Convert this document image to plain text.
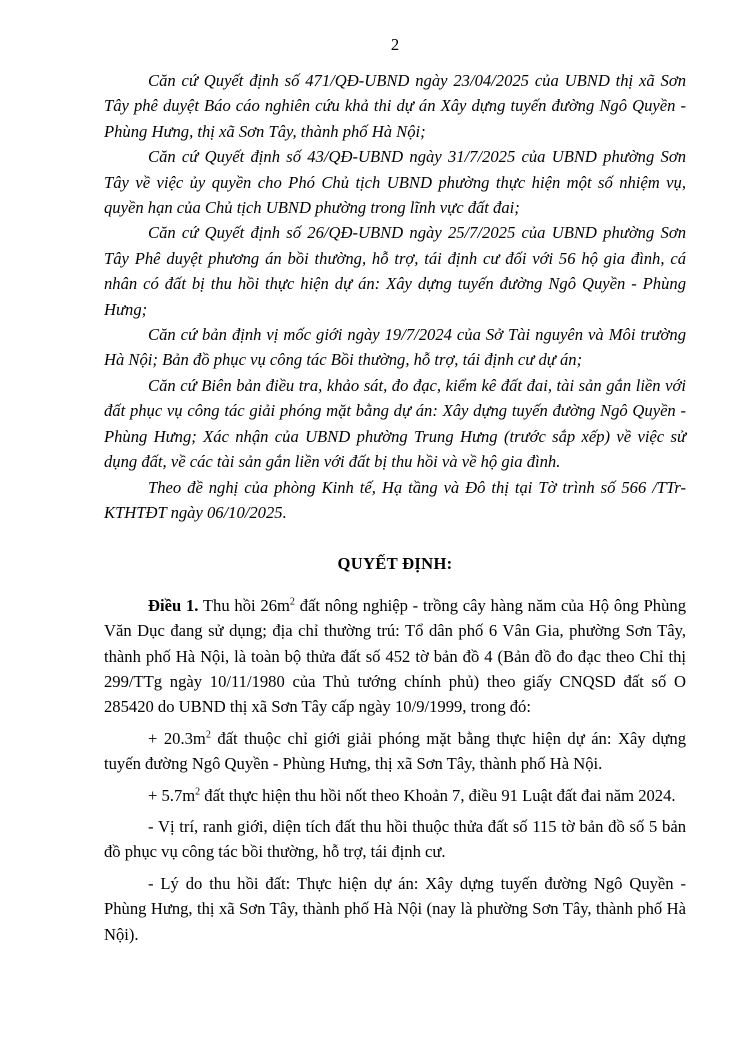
2

Căn cứ Quyết định số 471/QĐ-UBND ngày 23/04/2025 của UBND thị xã Sơn Tây phê duyệt Báo cáo nghiên cứu khả thi dự án Xây dựng tuyến đường Ngô Quyền - Phùng Hưng, thị xã Sơn Tây, thành phố Hà Nội;

Căn cứ Quyết định số 43/QĐ-UBND ngày 31/7/2025 của UBND phường Sơn Tây về việc ủy quyền cho Phó Chủ tịch UBND phường thực hiện một số nhiệm vụ, quyền hạn của Chủ tịch UBND phường trong lĩnh vực đất đai;

Căn cứ Quyết định số 26/QĐ-UBND ngày 25/7/2025 của UBND phường Sơn Tây Phê duyệt phương án bồi thường, hỗ trợ, tái định cư đối với 56 hộ gia đình, cá nhân có đất bị thu hồi thực hiện dự án: Xây dựng tuyến đường Ngô Quyền - Phùng Hưng;

Căn cứ bản định vị mốc giới ngày 19/7/2024 của Sở Tài nguyên và Môi trường Hà Nội; Bản đồ phục vụ công tác Bồi thường, hỗ trợ, tái định cư dự án;

Căn cứ Biên bản điều tra, khảo sát, đo đạc, kiểm kê đất đai, tài sản gắn liền với đất phục vụ công tác giải phóng mặt bằng dự án: Xây dựng tuyến đường Ngô Quyền - Phùng Hưng; Xác nhận của UBND phường Trung Hưng (trước sắp xếp) về việc sử dụng đất, về các tài sản gắn liền với đất bị thu hồi và về hộ gia đình.

Theo đề nghị của phòng Kinh tế, Hạ tầng và Đô thị tại Tờ trình số 566 /TTr-KTHTĐT ngày 06/10/2025.

QUYẾT ĐỊNH:

Điều 1. Thu hồi $26m^2$ đất nông nghiệp - trồng cây hàng năm của Hộ ông Phùng Văn Dục đang sử dụng; địa chỉ thường trú: Tổ dân phố 6 Vân Gia, phường Sơn Tây, thành phố Hà Nội, là toàn bộ thửa đất số 452 tờ bản đồ 4 (Bản đồ đo đạc theo Chỉ thị 299/TTg ngày 10/11/1980 của Thủ tướng chính phủ) theo giấy CNQSD đất số O 285420 do UBND thị xã Sơn Tây cấp ngày 10/9/1999, trong đó:

+ $20.3m^2$ đất thuộc chỉ giới giải phóng mặt bằng thực hiện dự án: Xây dựng tuyến đường Ngô Quyền - Phùng Hưng, thị xã Sơn Tây, thành phố Hà Nội.

+ $5.7m^2$ đất thực hiện thu hồi nốt theo Khoản 7, điều 91 Luật đất đai năm 2024.

- Vị trí, ranh giới, diện tích đất thu hồi thuộc thửa đất số 115 tờ bản đồ số 5 bản đồ phục vụ công tác bồi thường, hỗ trợ, tái định cư.

- Lý do thu hồi đất: Thực hiện dự án: Xây dựng tuyến đường Ngô Quyền - Phùng Hưng, thị xã Sơn Tây, thành phố Hà Nội (nay là phường Sơn Tây, thành phố Hà Nội).
